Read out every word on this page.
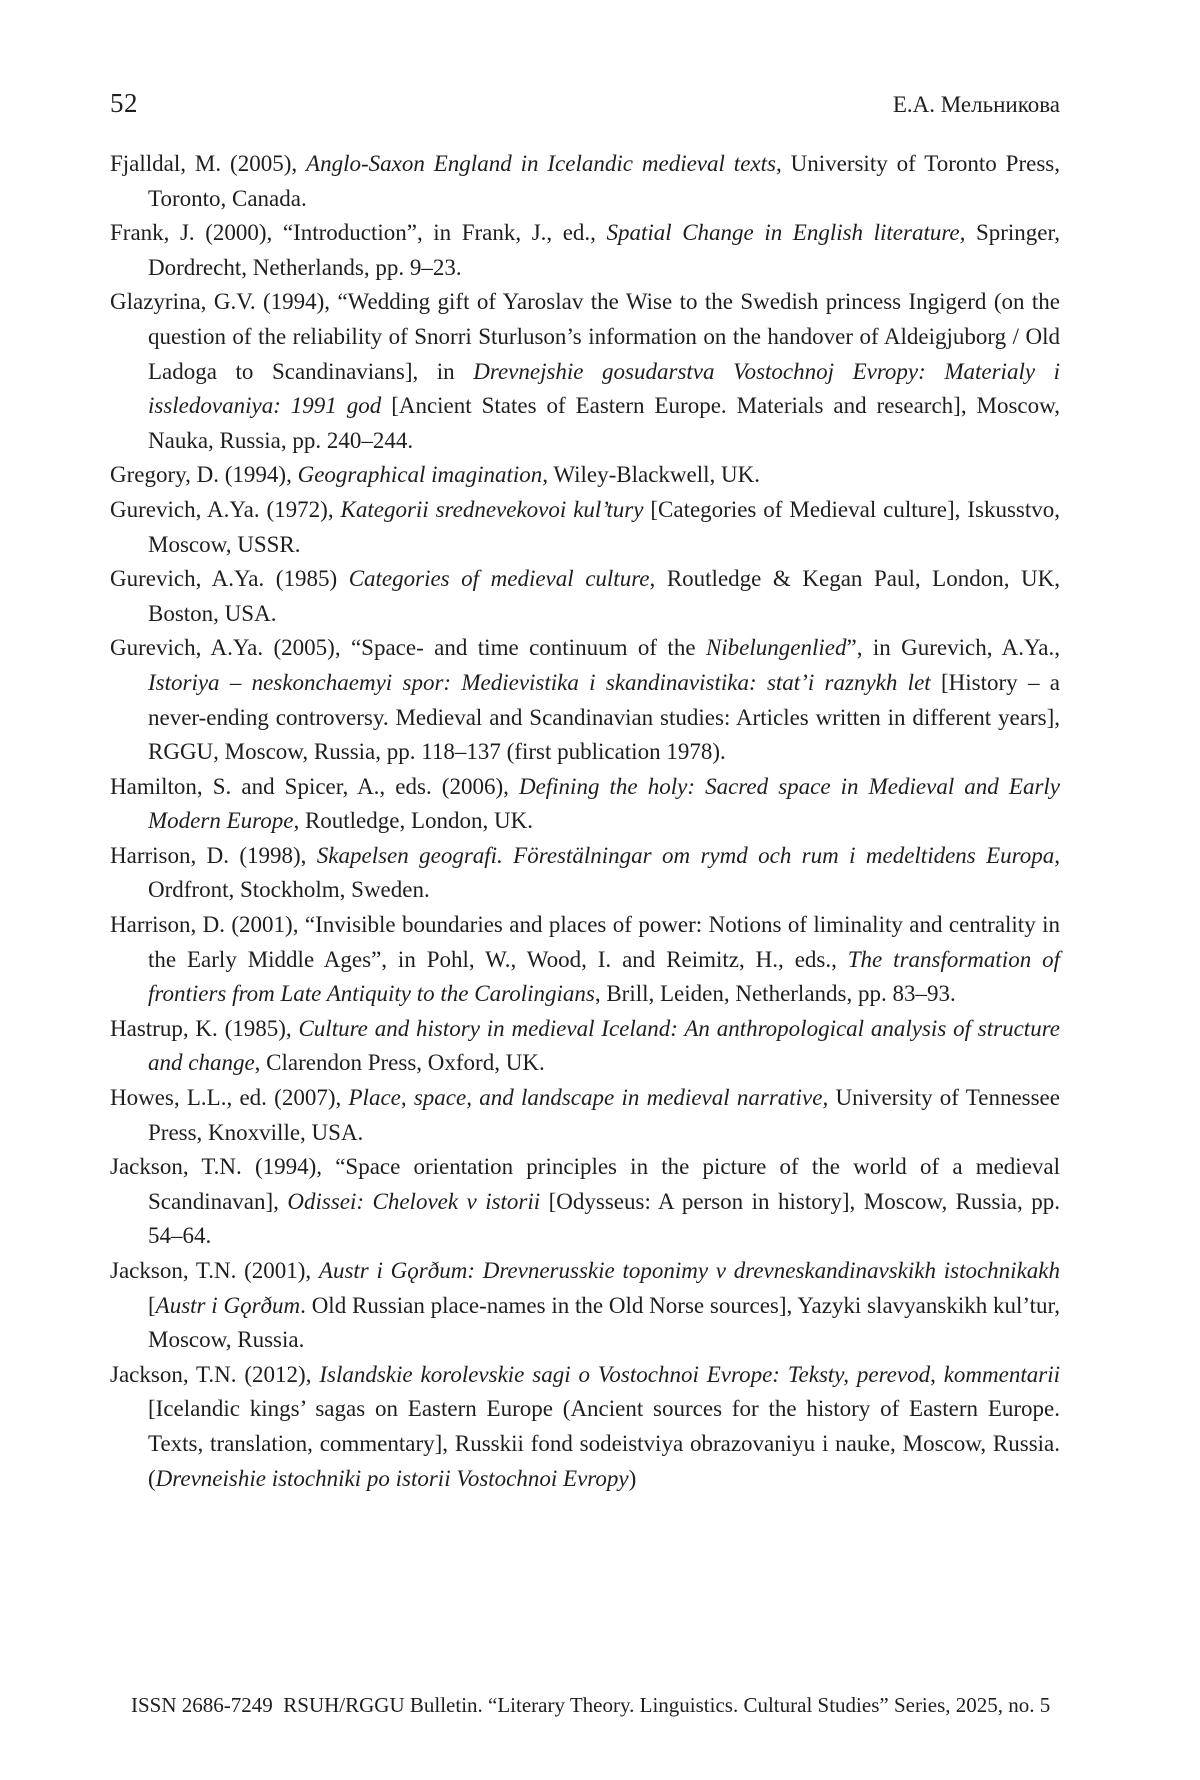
52	Е.А. Мельникова

Fjalldal, M. (2005), Anglo-Saxon England in Icelandic medieval texts, University of Toronto Press, Toronto, Canada.

Frank, J. (2000), “Introduction”, in Frank, J., ed., Spatial Change in English literature, Springer, Dordrecht, Netherlands, pp. 9–23.

Glazyrina, G.V. (1994), “Wedding gift of Yaroslav the Wise to the Swedish princess Ingigerd (on the question of the reliability of Snorri Sturluson’s information on the handover of Aldeigjuborg / Old Ladoga to Scandinavians], in Drevnejshie gosudarstva Vostochnoj Evropy: Materialy i issledovaniya: 1991 god [Ancient States of Eastern Europe. Materials and research], Moscow, Nauka, Russia, pp. 240–244.

Gregory, D. (1994), Geographical imagination, Wiley-Blackwell, UK.

Gurevich, A.Ya. (1972), Kategorii srednevekovoi kul’tury [Categories of Medieval culture], Iskusstvo, Moscow, USSR.

Gurevich, A.Ya. (1985) Categories of medieval culture, Routledge & Kegan Paul, London, UK, Boston, USA.

Gurevich, A.Ya. (2005), “Space- and time continuum of the Nibelungenlied”, in Gurevich, A.Ya., Istoriya – neskonchaemyi spor: Medievistika i skandinavistika: stat’i raznykh let [History – a never-ending controversy. Medieval and Scandinavian studies: Articles written in different years], RGGU, Moscow, Russia, pp. 118–137 (first publication 1978).

Hamilton, S. and Spicer, A., eds. (2006), Defining the holy: Sacred space in Medieval and Early Modern Europe, Routledge, London, UK.

Harrison, D. (1998), Skapelsen geografi. Förestälningar om rymd och rum i medeltidens Europa, Ordfront, Stockholm, Sweden.

Harrison, D. (2001), “Invisible boundaries and places of power: Notions of liminality and centrality in the Early Middle Ages”, in Pohl, W., Wood, I. and Reimitz, H., eds., The transformation of frontiers from Late Antiquity to the Carolingians, Brill, Leiden, Netherlands, pp. 83–93.

Hastrup, K. (1985), Culture and history in medieval Iceland: An anthropological analysis of structure and change, Clarendon Press, Oxford, UK.

Howes, L.L., ed. (2007), Place, space, and landscape in medieval narrative, University of Tennessee Press, Knoxville, USA.

Jackson, T.N. (1994), “Space orientation principles in the picture of the world of a medieval Scandinavan], Odissei: Chelovek v istorii [Odysseus: A person in history], Moscow, Russia, pp. 54–64.

Jackson, T.N. (2001), Austr i Gǫrðum: Drevnerusskie toponimy v drevneskandinavskikh istochnikakh [Austr i Gǫrðum. Old Russian place-names in the Old Norse sources], Yazyki slavyanskikh kul’tur, Moscow, Russia.

Jackson, T.N. (2012), Islandskie korolevskie sagi o Vostochnoi Evrope: Teksty, perevod, kommentarii [Icelandic kings’ sagas on Eastern Europe (Ancient sources for the history of Eastern Europe. Texts, translation, commentary], Russkii fond sodeistviya obrazovaniyu i nauke, Moscow, Russia. (Drevneishie istochniki po istorii Vostochnoi Evropy)

ISSN 2686-7249  RSUH/RGGU Bulletin. “Literary Theory. Linguistics. Cultural Studies” Series, 2025, no. 5
